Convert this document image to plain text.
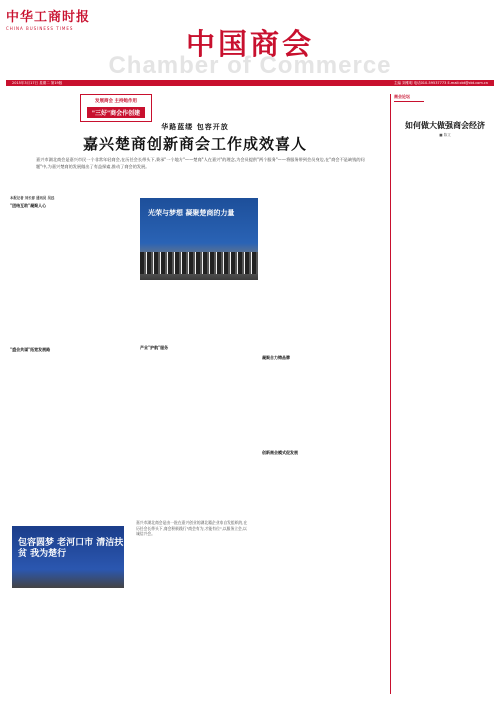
中华工商时报
CHINA BUSINESS TIMES	中国商会
Chamber of Commerce
2015年3月17日 星期二 第19版	主编 刘维明 电话010-59537773 E-mail:cbt@cbt.com.cn
发展商会 主持她作用
"三好"商会作创建
华路蓝缕 包容开放
嘉兴楚商创新商会工作成效喜人
嘉兴市湖北商会是嘉兴市民一个非常年轻商会,在历任会长带头下,秉承"一个地方"——楚商"人在嘉兴"的理念,为会员提供"两个服务"——将服务带到会员身边,在"商会不是缺钱的问题"中,为嘉兴楚商的发展做出了有益探索,推动了商会的发展。
本报记者 刘长春 通讯员 吴远
"团结互助"凝聚人心
"盛会共谋"拓宽发展路
光荣与梦想 凝聚楚商的力量
产业"护航"服务
凝聚合力铸品牌
创新商会模式促发展
包容圆梦 老河口市 清洁扶贫 我为楚行
嘉兴市湖北商会是由一批在嘉兴创业的湖北籍企业家自发组织的,在历任会长带头下,商会积极践行"商会有为,才能有位",以服务立会,以诚信兴会。
商会论坛
如何做大做强商会经济
■ 陈文
